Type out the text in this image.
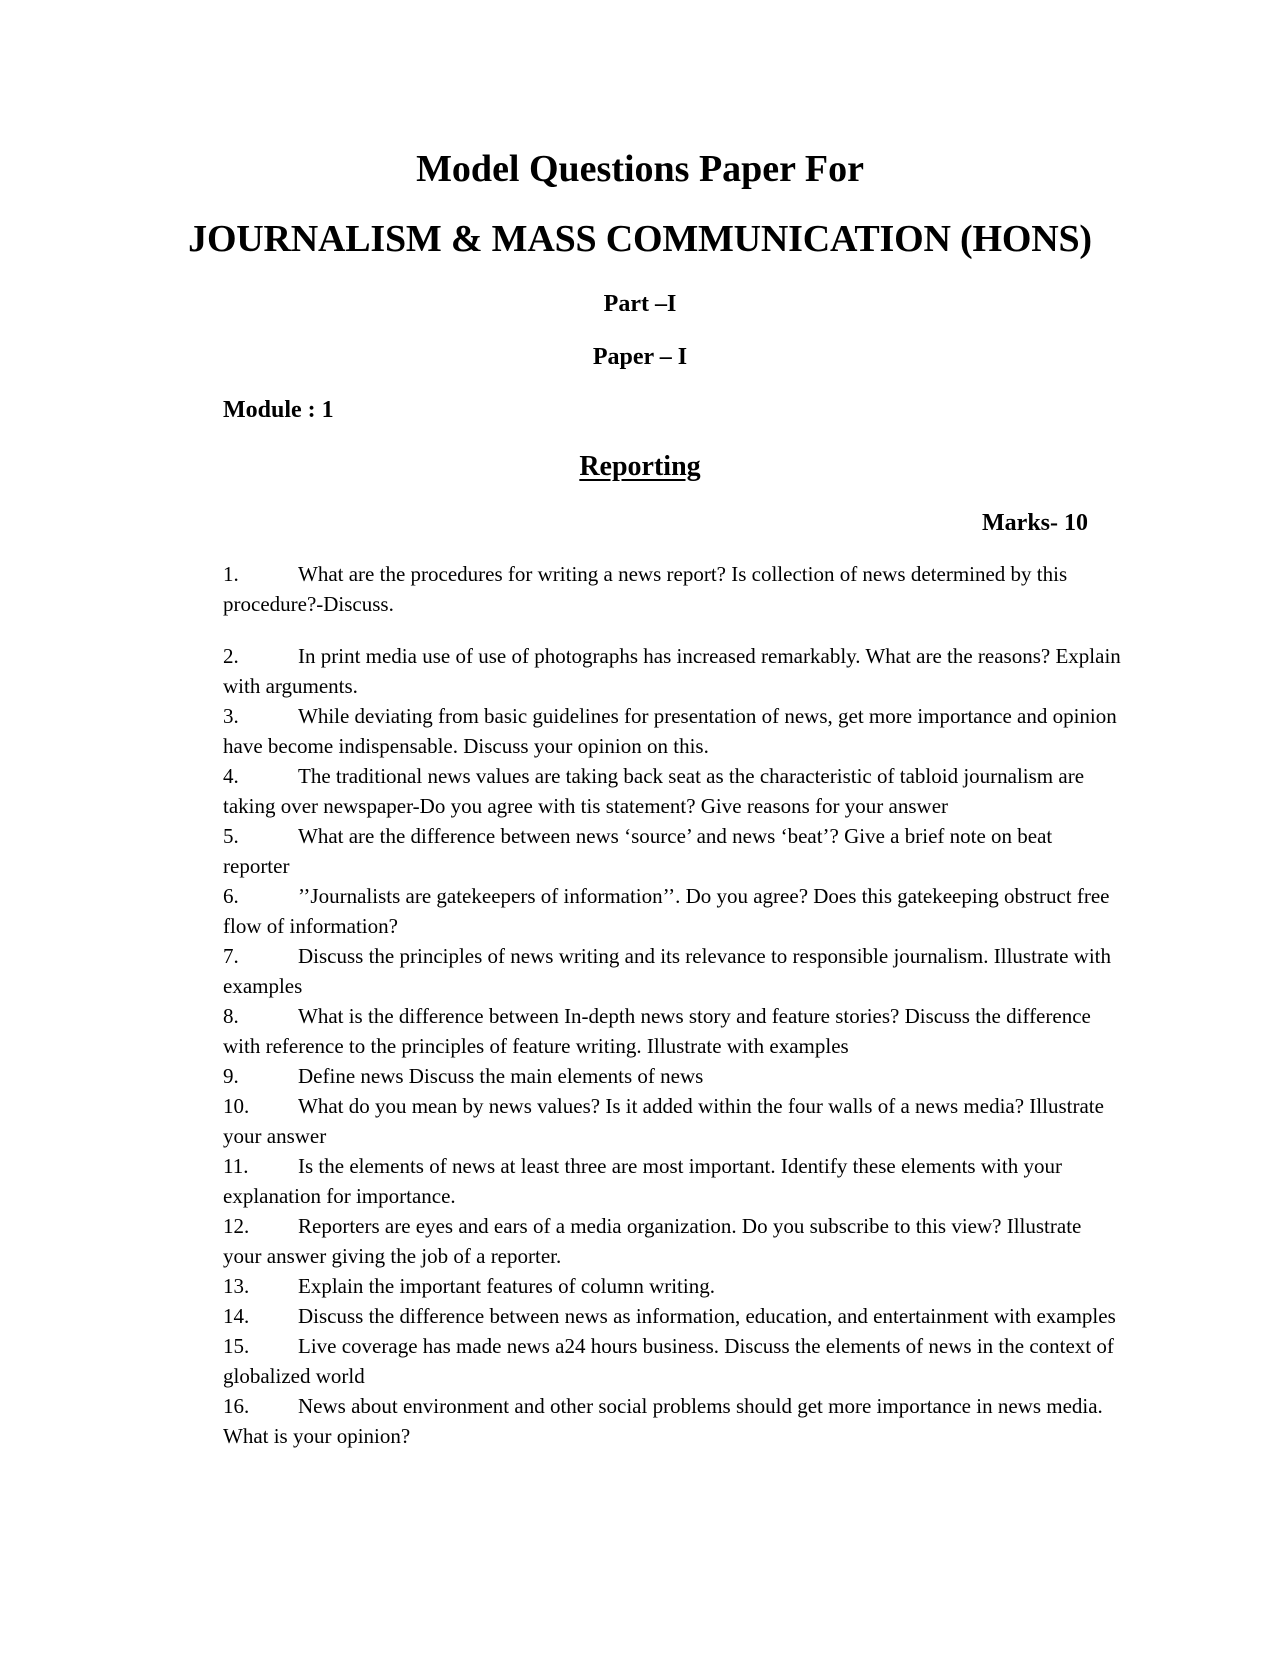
Model Questions Paper For
JOURNALISM & MASS COMMUNICATION (HONS)

Part –I

Paper – I

Module : 1

Reporting

Marks- 10

1.	What are the procedures for writing a news report? Is collection of news determined by this procedure?-Discuss.
2.	In print media use of use of photographs has increased remarkably. What are the reasons? Explain with arguments.
3.	While deviating from basic guidelines for presentation of news, get more importance and opinion have become indispensable. Discuss your opinion on this.
4.	The traditional news values are taking back seat as the characteristic of tabloid journalism are taking over newspaper-Do you agree with tis statement? Give reasons for your answer
5.	What are the difference between news ‘source’ and news ‘beat’? Give a brief note on beat reporter
6.	’’Journalists are gatekeepers of information’’. Do you agree? Does this gatekeeping obstruct free flow of information?
7.	Discuss the principles of news writing and its relevance to responsible journalism. Illustrate with examples
8.	What is the difference between In-depth news story and feature stories? Discuss the difference with reference to the principles of feature writing. Illustrate with examples
9.	Define news Discuss the main elements of news
10. What do you mean by news values? Is it added within the four walls of a news media? Illustrate your answer
11. Is the elements of news at least three are most important. Identify these elements with your explanation for importance.
12. Reporters are eyes and ears of a media organization. Do you subscribe to this view? Illustrate your answer giving the job of a reporter.
13. Explain the important features of column writing.
14. Discuss the difference between news as information, education, and entertainment with examples
15. Live coverage has made news a24 hours business. Discuss the elements of news in the context of globalized world
16. News about environment and other social problems should get more importance in news media. What is your opinion?
